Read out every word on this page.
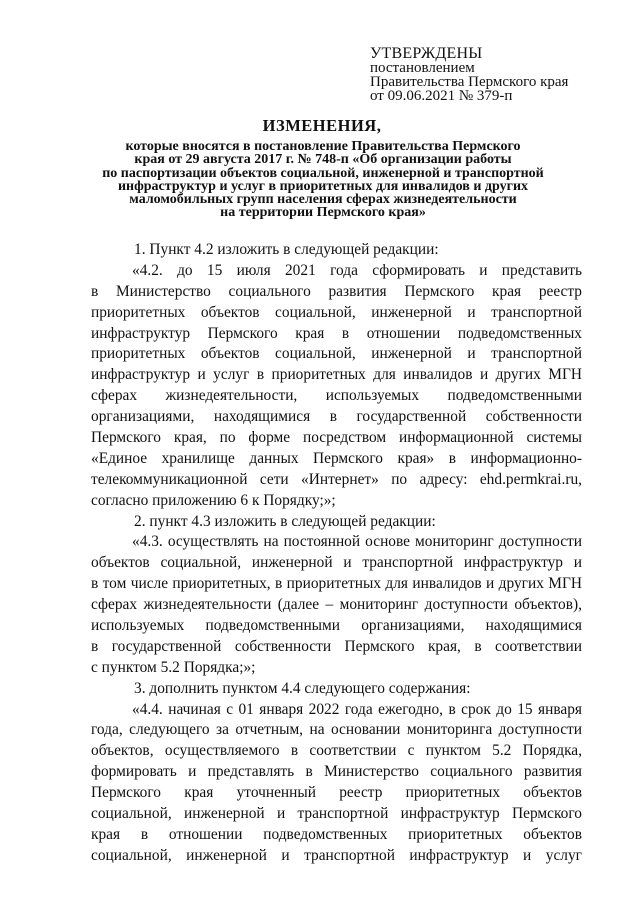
УТВЕРЖДЕНЫ
постановлением
Правительства Пермского края
от 09.06.2021 № 379-п
ИЗМЕНЕНИЯ,
которые вносятся в постановление Правительства Пермского
края от 29 августа 2017 г. № 748-п «Об организации работы
по паспортизации объектов социальной, инженерной и транспортной
инфраструктур и услуг в приоритетных для инвалидов и других
маломобильных групп населения сферах жизнедеятельности
на территории Пермского края»
1. Пункт 4.2 изложить в следующей редакции:
«4.2. до 15 июля 2021 года сформировать и представить
в Министерство социального развития Пермского края реестр
приоритетных объектов социальной, инженерной и транспортной
инфраструктур Пермского края в отношении подведомственных
приоритетных объектов социальной, инженерной и транспортной
инфраструктур и услуг в приоритетных для инвалидов и других МГН
сферах жизнедеятельности, используемых подведомственными
организациями, находящимися в государственной собственности
Пермского края, по форме посредством информационной системы
«Единое хранилище данных Пермского края» в информационно-
телекоммуникационной сети «Интернет» по адресу: ehd.permkrai.ru,
согласно приложению 6 к Порядку;»;
2. пункт 4.3 изложить в следующей редакции:
«4.3. осуществлять на постоянной основе мониторинг доступности
объектов социальной, инженерной и транспортной инфраструктур и
в том числе приоритетных, в приоритетных для инвалидов и других МГН
сферах жизнедеятельности (далее – мониторинг доступности объектов),
используемых подведомственными организациями, находящимися
в государственной собственности Пермского края, в соответствии
с пунктом 5.2 Порядка;»;
3. дополнить пунктом 4.4 следующего содержания:
«4.4. начиная с 01 января 2022 года ежегодно, в срок до 15 января
года, следующего за отчетным, на основании мониторинга доступности
объектов, осуществляемого в соответствии с пунктом 5.2 Порядка,
формировать и представлять в Министерство социального развития
Пермского края уточненный реестр приоритетных объектов
социальной, инженерной и транспортной инфраструктур Пермского
края в отношении подведомственных приоритетных объектов
социальной, инженерной и транспортной инфраструктур и услуг
